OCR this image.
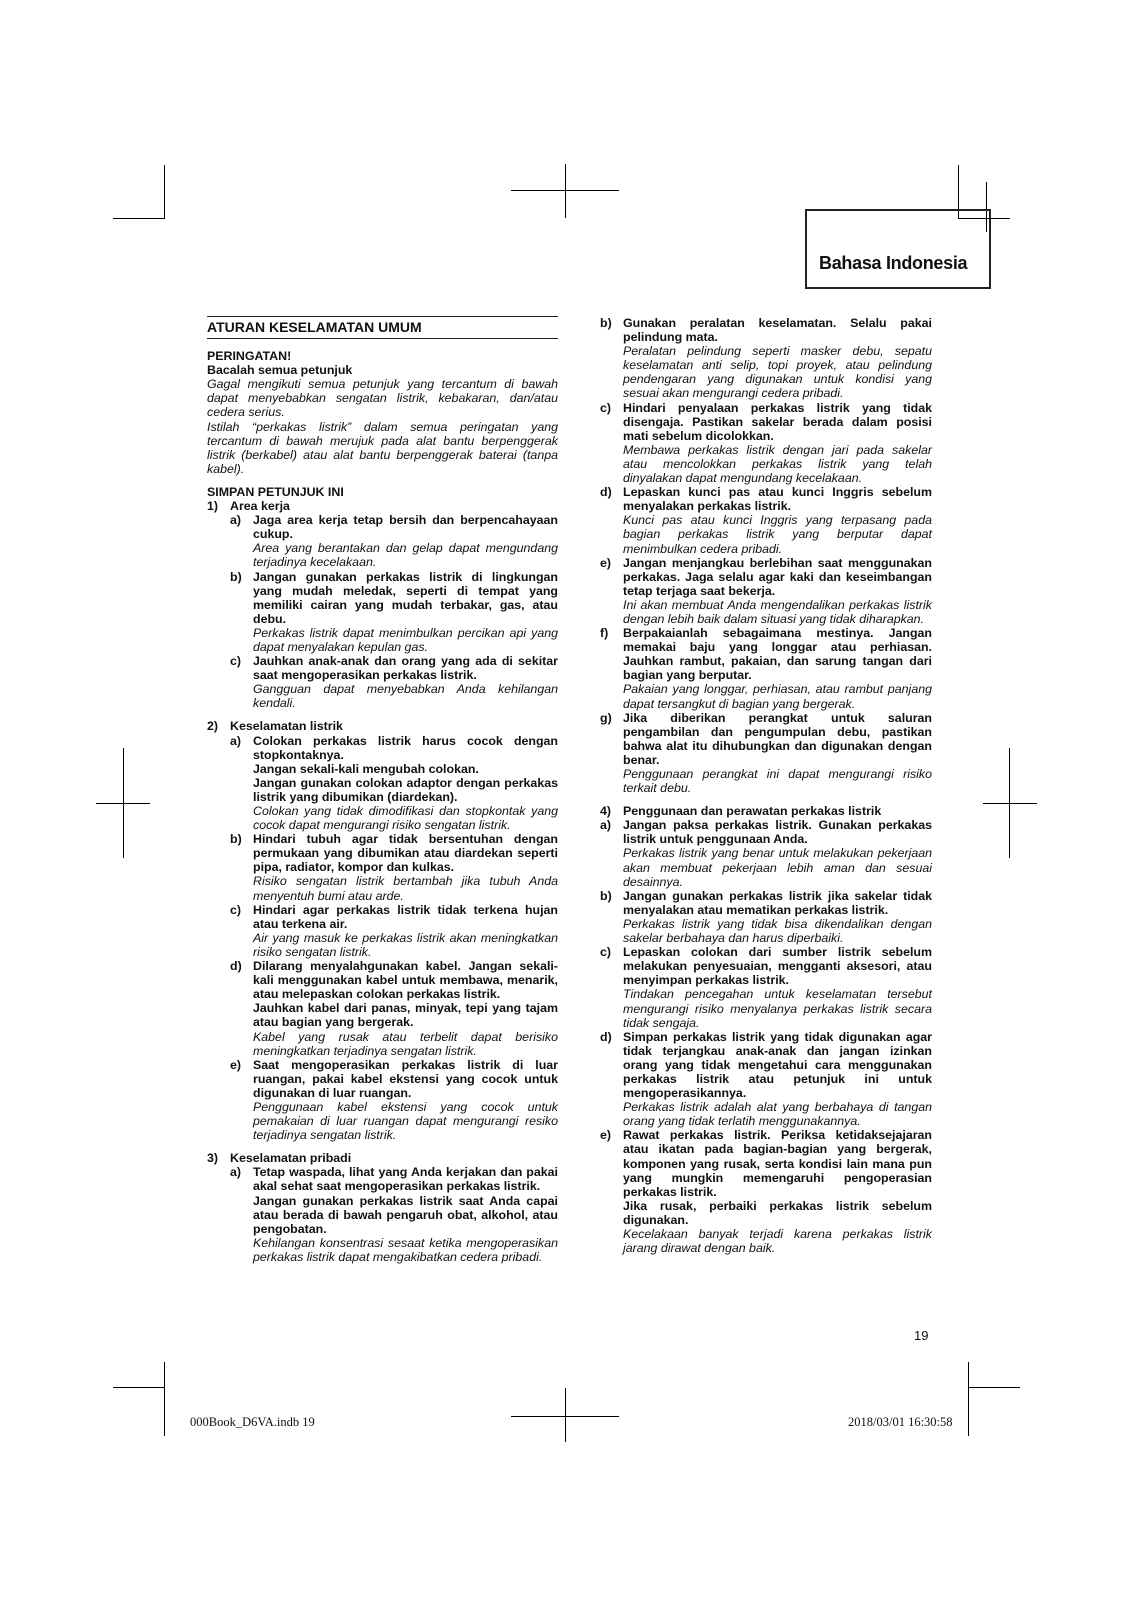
Bahasa Indonesia
ATURAN KESELAMATAN UMUM
PERINGATAN!
Bacalah semua petunjuk
Gagal mengikuti semua petunjuk yang tercantum di bawah dapat menyebabkan sengatan listrik, kebakaran, dan/atau cedera serius.
Istilah “perkakas listrik” dalam semua peringatan yang tercantum di bawah merujuk pada alat bantu berpenggerak listrik (berkabel) atau alat bantu berpenggerak baterai (tanpa kabel).
SIMPAN PETUNJUK INI
1) Area kerja
a) Jaga area kerja tetap bersih dan berpencahayaan cukup.
Area yang berantakan dan gelap dapat mengundang terjadinya kecelakaan.
b) Jangan gunakan perkakas listrik di lingkungan yang mudah meledak, seperti di tempat yang memiliki cairan yang mudah terbakar, gas, atau debu.
Perkakas listrik dapat menimbulkan percikan api yang dapat menyalakan kepulan gas.
c) Jauhkan anak-anak dan orang yang ada di sekitar saat mengoperasikan perkakas listrik.
Gangguan dapat menyebabkan Anda kehilangan kendali.
2) Keselamatan listrik
a) Colokan perkakas listrik harus cocok dengan stopkontaknya.
Jangan sekali-kali mengubah colokan.
Jangan gunakan colokan adaptor dengan perkakas listrik yang dibumikan (diardekan).
Colokan yang tidak dimodifikasi dan stopkontak yang cocok dapat mengurangi risiko sengatan listrik.
b) Hindari tubuh agar tidak bersentuhan dengan permukaan yang dibumikan atau diardekan seperti pipa, radiator, kompor dan kulkas.
Risiko sengatan listrik bertambah jika tubuh Anda menyentuh bumi atau arde.
c) Hindari agar perkakas listrik tidak terkena hujan atau terkena air.
Air yang masuk ke perkakas listrik akan meningkatkan risiko sengatan listrik.
d) Dilarang menyalahgunakan kabel. Jangan sekali-kali menggunakan kabel untuk membawa, menarik, atau melepaskan colokan perkakas listrik.
Jauhkan kabel dari panas, minyak, tepi yang tajam atau bagian yang bergerak.
Kabel yang rusak atau terbelit dapat berisiko meningkatkan terjadinya sengatan listrik.
e) Saat mengoperasikan perkakas listrik di luar ruangan, pakai kabel ekstensi yang cocok untuk digunakan di luar ruangan.
Penggunaan kabel ekstensi yang cocok untuk pemakaian di luar ruangan dapat mengurangi resiko terjadinya sengatan listrik.
3) Keselamatan pribadi
a) Tetap waspada, lihat yang Anda kerjakan dan pakai akal sehat saat mengoperasikan perkakas listrik.
Jangan gunakan perkakas listrik saat Anda capai atau berada di bawah pengaruh obat, alkohol, atau pengobatan.
Kehilangan konsentrasi sesaat ketika mengoperasikan perkakas listrik dapat mengakibatkan cedera pribadi.
b) Gunakan peralatan keselamatan. Selalu pakai pelindung mata.
Peralatan pelindung seperti masker debu, sepatu keselamatan anti selip, topi proyek, atau pelindung pendengaran yang digunakan untuk kondisi yang sesuai akan mengurangi cedera pribadi.
c) Hindari penyalaan perkakas listrik yang tidak disengaja. Pastikan sakelar berada dalam posisi mati sebelum dicolokkan.
Membawa perkakas listrik dengan jari pada sakelar atau mencolokkan perkakas listrik yang telah dinyalakan dapat mengundang kecelakaan.
d) Lepaskan kunci pas atau kunci Inggris sebelum menyalakan perkakas listrik.
Kunci pas atau kunci Inggris yang terpasang pada bagian perkakas listrik yang berputar dapat menimbulkan cedera pribadi.
e) Jangan menjangkau berlebihan saat menggunakan perkakas. Jaga selalu agar kaki dan keseimbangan tetap terjaga saat bekerja.
Ini akan membuat Anda mengendalikan perkakas listrik dengan lebih baik dalam situasi yang tidak diharapkan.
f)	Berpakaianlah sebagaimana mestinya. Jangan memakai baju yang longgar atau perhiasan. Jauhkan rambut, pakaian, dan sarung tangan dari bagian yang berputar.
Pakaian yang longgar, perhiasan, atau rambut panjang dapat tersangkut di bagian yang bergerak.
g) Jika diberikan perangkat untuk saluran pengambilan dan pengumpulan debu, pastikan bahwa alat itu dihubungkan dan digunakan dengan benar.
Penggunaan perangkat ini dapat mengurangi risiko terkait debu.
4) Penggunaan dan perawatan perkakas listrik
a) Jangan paksa perkakas listrik. Gunakan perkakas listrik untuk penggunaan Anda.
Perkakas listrik yang benar untuk melakukan pekerjaan akan membuat pekerjaan lebih aman dan sesuai desainnya.
b) Jangan gunakan perkakas listrik jika sakelar tidak menyalakan atau mematikan perkakas listrik.
Perkakas listrik yang tidak bisa dikendalikan dengan sakelar berbahaya dan harus diperbaiki.
c) Lepaskan colokan dari sumber listrik sebelum melakukan penyesuaian, mengganti aksesori, atau menyimpan perkakas listrik.
Tindakan pencegahan untuk keselamatan tersebut mengurangi risiko menyalanya perkakas listrik secara tidak sengaja.
d) Simpan perkakas listrik yang tidak digunakan agar tidak terjangkau anak-anak dan jangan izinkan orang yang tidak mengetahui cara menggunakan perkakas listrik atau petunjuk ini untuk mengoperasikannya.
Perkakas listrik adalah alat yang berbahaya di tangan orang yang tidak terlatih menggunakannya.
e) Rawat perkakas listrik. Periksa ketidaksejajaran atau ikatan pada bagian-bagian yang bergerak, komponen yang rusak, serta kondisi lain mana pun yang mungkin memengaruhi pengoperasian perkakas listrik.
Jika rusak, perbaiki perkakas listrik sebelum digunakan.
Kecelakaan banyak terjadi karena perkakas listrik jarang dirawat dengan baik.
19
000Book_D6VA.indb 19	2018/03/01 16:30:58
